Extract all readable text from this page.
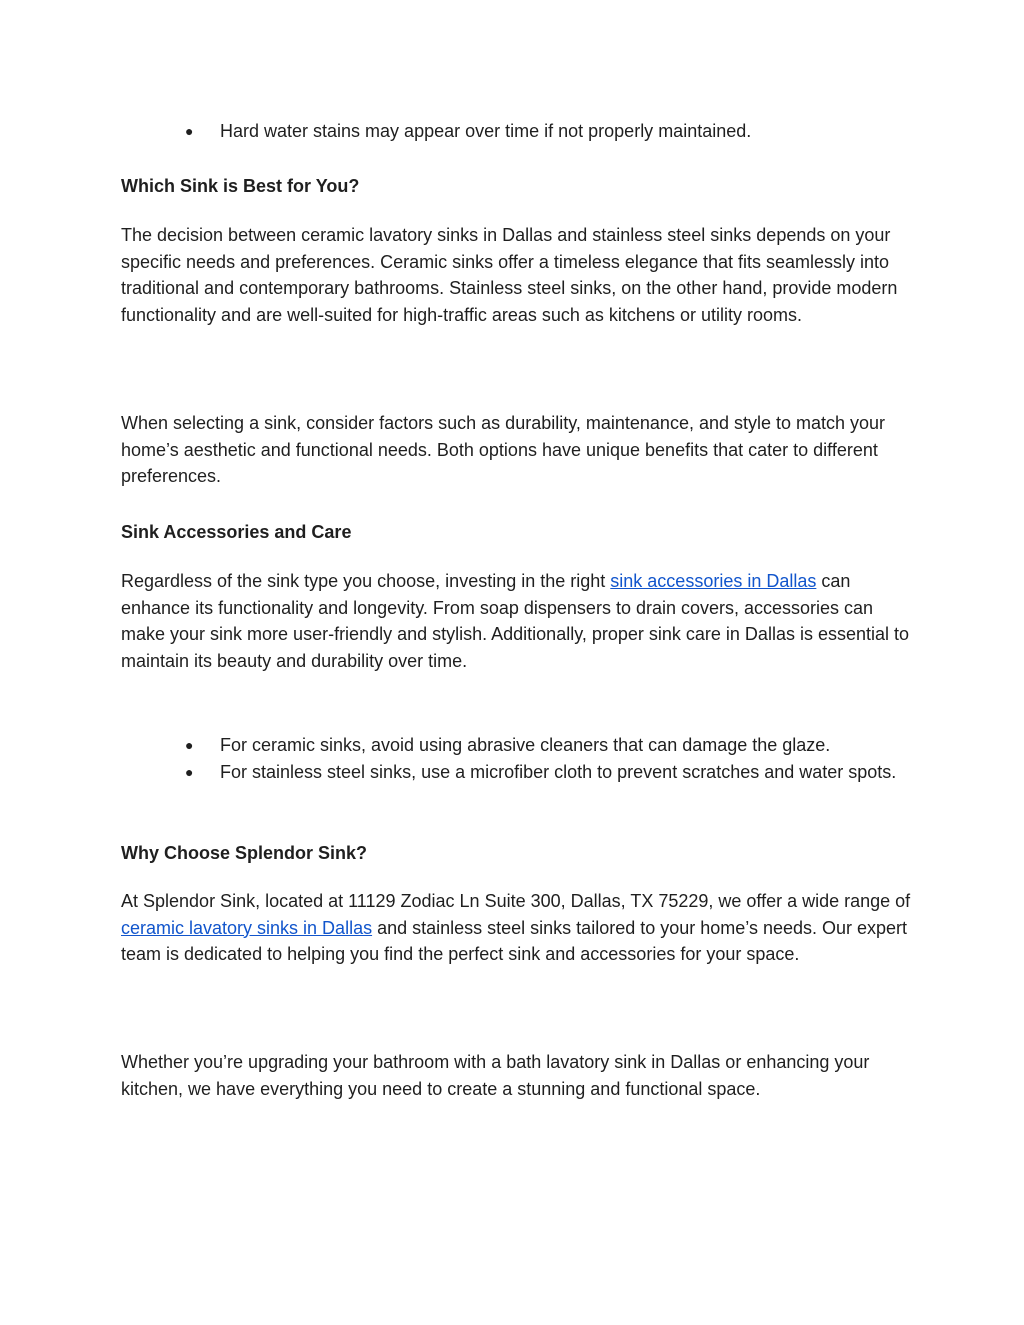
● Hard water stains may appear over time if not properly maintained.
Which Sink is Best for You?

The decision between ceramic lavatory sinks in Dallas and stainless steel sinks depends on your specific needs and preferences. Ceramic sinks offer a timeless elegance that fits seamlessly into traditional and contemporary bathrooms. Stainless steel sinks, on the other hand, provide modern functionality and are well-suited for high-traffic areas such as kitchens or utility rooms.

When selecting a sink, consider factors such as durability, maintenance, and style to match your home’s aesthetic and functional needs. Both options have unique benefits that cater to different preferences.

Sink Accessories and Care

Regardless of the sink type you choose, investing in the right sink accessories in Dallas can enhance its functionality and longevity. From soap dispensers to drain covers, accessories can make your sink more user-friendly and stylish. Additionally, proper sink care in Dallas is essential to maintain its beauty and durability over time.

● For ceramic sinks, avoid using abrasive cleaners that can damage the glaze.
● For stainless steel sinks, use a microfiber cloth to prevent scratches and water spots.
Why Choose Splendor Sink?

At Splendor Sink, located at 11129 Zodiac Ln Suite 300, Dallas, TX 75229, we offer a wide range of ceramic lavatory sinks in Dallas and stainless steel sinks tailored to your home’s needs. Our expert team is dedicated to helping you find the perfect sink and accessories for your space.

Whether you’re upgrading your bathroom with a bath lavatory sink in Dallas or enhancing your kitchen, we have everything you need to create a stunning and functional space.
